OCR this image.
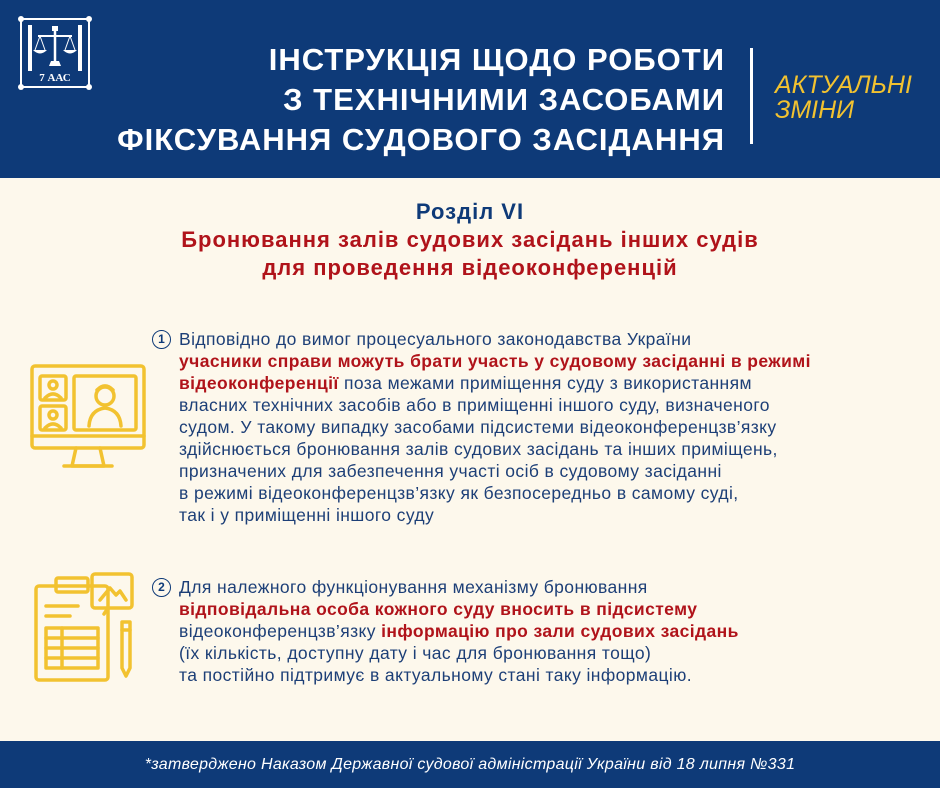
7 ААС
ІНСТРУКЦІЯ ЩОДО РОБОТИ
З ТЕХНІЧНИМИ ЗАСОБАМИ
ФІКСУВАННЯ СУДОВОГО ЗАСІДАННЯ
АКТУАЛЬНІ
ЗМІНИ
Розділ VI
Бронювання залів судових засідань інших судів
для проведення відеоконференцій
1 Відповідно до вимог процесуального законодавства України
учасники справи можуть брати участь у судовому засіданні в режимі
відеоконференції поза межами приміщення суду з використанням
власних технічних засобів або в приміщенні іншого суду, визначеного
судом. У такому випадку засобами підсистеми відеоконференцзв’язку
здійснюється бронювання залів судових засідань та інших приміщень,
призначених для забезпечення участі осіб в судовому засіданні
в режимі відеоконференцзв’язку як безпосередньо в самому суді,
так і у приміщенні іншого суду
2 Для належного функціонування механізму бронювання
відповідальна особа кожного суду вносить в підсистему
відеоконференцзв’язку інформацію про зали судових засідань
(їх кількість, доступну дату і час для бронювання тощо)
та постійно підтримує в актуальному стані таку інформацію.
*затверджено Наказом Державної судової адміністрації України від 18 липня №331
